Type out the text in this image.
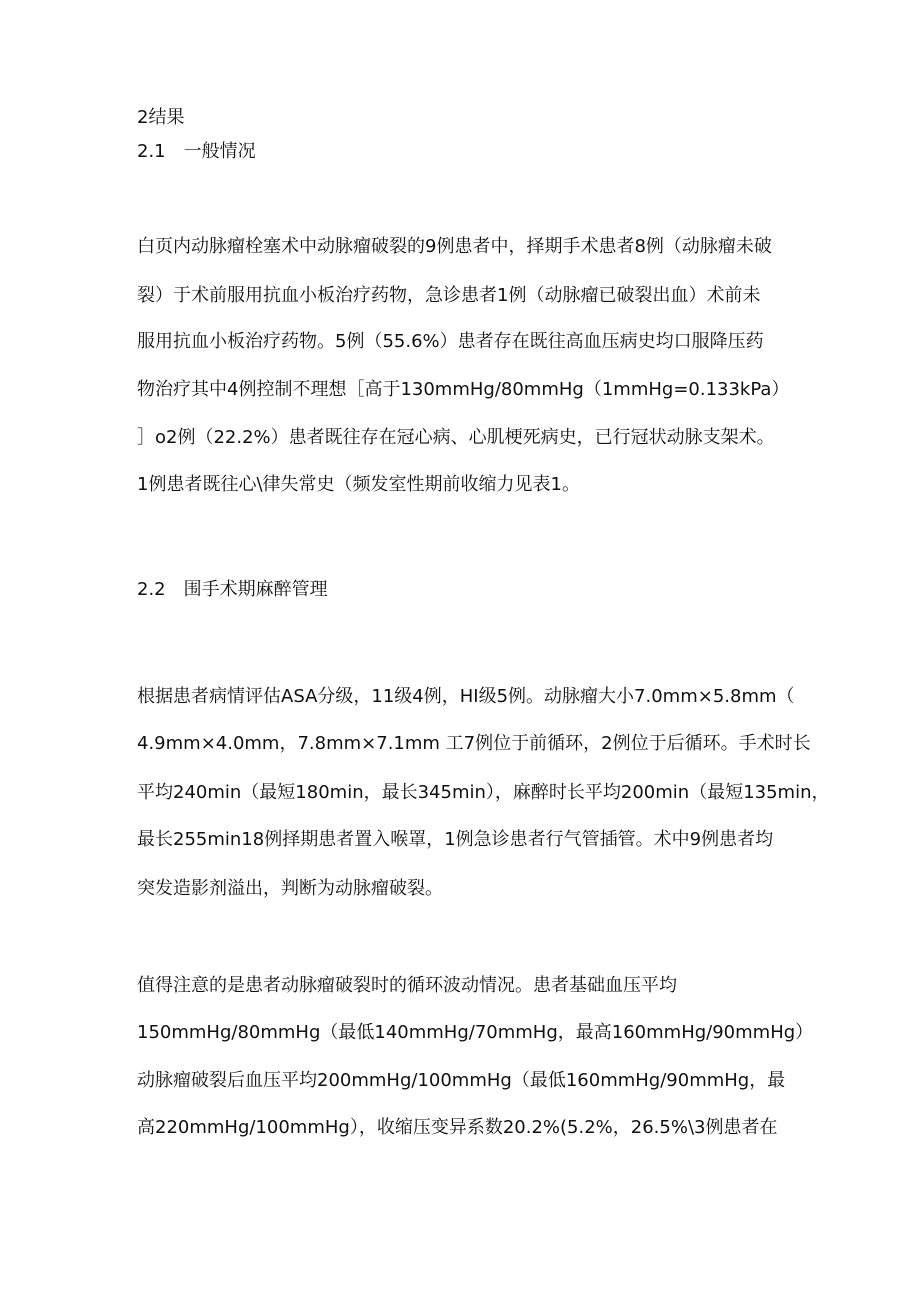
2结果
2.1　一般情况
白页内动脉瘤栓塞术中动脉瘤破裂的9例患者中，择期手术患者8例（动脉瘤未破
裂）于术前服用抗血小板治疗药物，急诊患者1例（动脉瘤已破裂出血）术前未
服用抗血小板治疗药物。5例（55.6%）患者存在既往高血压病史均口服降压药
物治疗其中4例控制不理想［高于130mmHg/80mmHg（1mmHg=0.133kPa）
］o2例（22.2%）患者既往存在冠心病、心肌梗死病史，已行冠状动脉支架术。
1例患者既往心\律失常史（频发室性期前收缩力见表1。
2.2　围手术期麻醉管理
根据患者病情评估ASA分级，11级4例，HI级5例。动脉瘤大小7.0mm×5.8mm（
4.9mm×4.0mm，7.8mm×7.1mm 工7例位于前循环，2例位于后循环。手术时长
平均240min（最短180min，最长345min），麻醉时长平均200min（最短135min，
最长255min18例择期患者置入喉罩，1例急诊患者行气管插管。术中9例患者均
突发造影剂溢出，判断为动脉瘤破裂。
值得注意的是患者动脉瘤破裂时的循环波动情况。患者基础血压平均
150mmHg/80mmHg（最低140mmHg/70mmHg，最高160mmHg/90mmHg）
动脉瘤破裂后血压平均200mmHg/100mmHg（最低160mmHg/90mmHg，最
高220mmHg/100mmHg），收缩压变异系数20.2%(5.2%，26.5%\3例患者在
